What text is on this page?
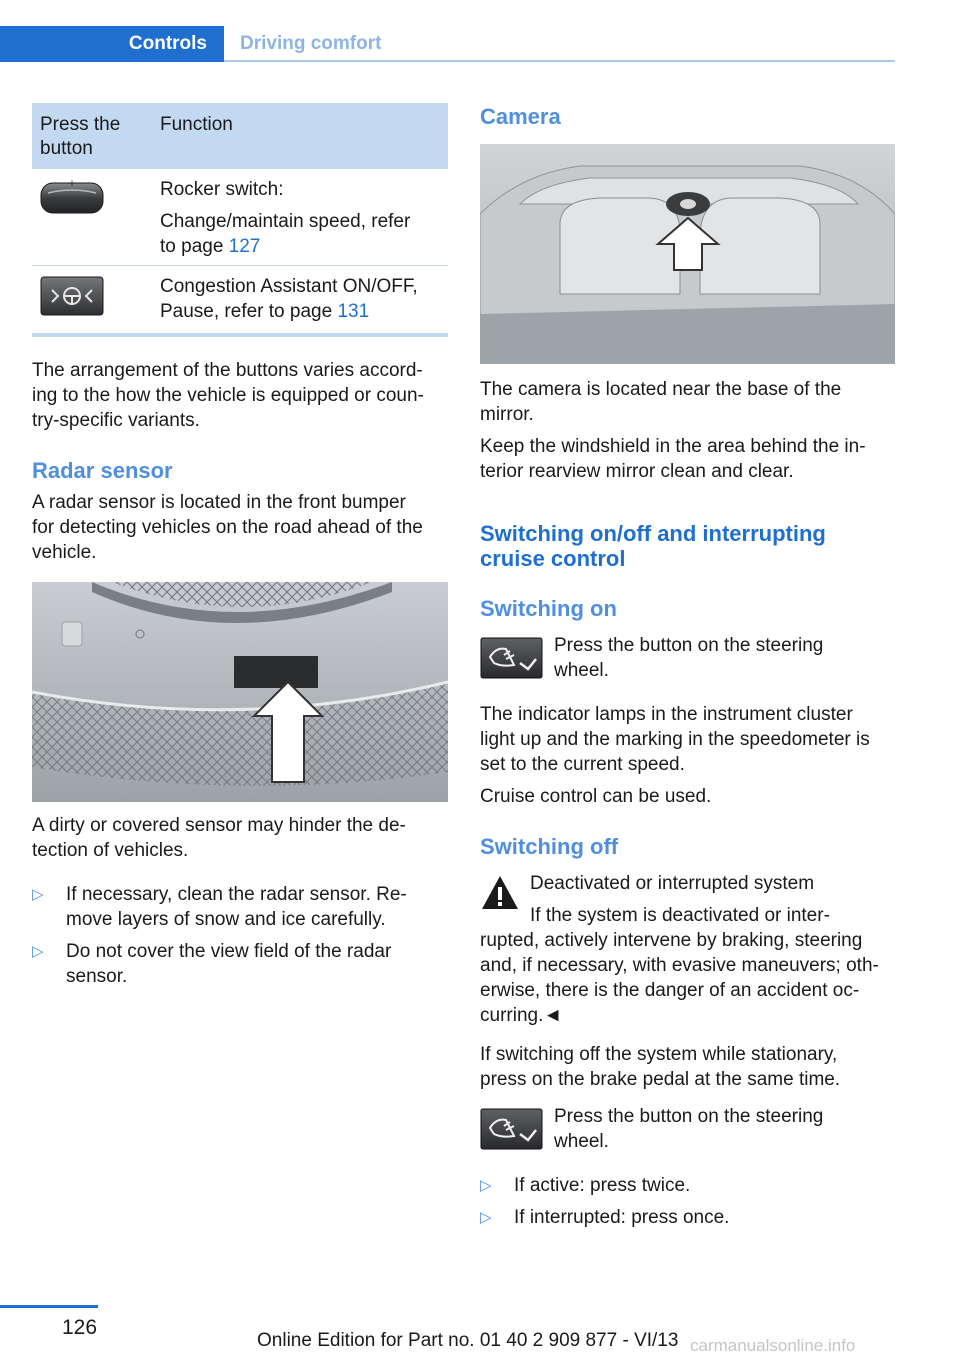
Controls	Driving comfort
Press the button
Function
+	Rocker switch:
Change/maintain speed, refer
to page 127
Congestion Assistant ON/OFF,
Pause, refer to page 131
The arrangement of the buttons varies accord-
ing to the how the vehicle is equipped or coun-
try-specific variants.
Radar sensor
A radar sensor is located in the front bumper
for detecting vehicles on the road ahead of the
vehicle.
A dirty or covered sensor may hinder the de-
tection of vehicles.
▷ If necessary, clean the radar sensor. Re-
move layers of snow and ice carefully.
▷ Do not cover the view field of the radar
sensor.
Camera
The camera is located near the base of the
mirror.
Keep the windshield in the area behind the in-
terior rearview mirror clean and clear.
Switching on/off and interrupting
cruise control
Switching on
Press the button on the steering
wheel.
The indicator lamps in the instrument cluster
light up and the marking in the speedometer is
set to the current speed.
Cruise control can be used.
Switching off
Deactivated or interrupted system
If the system is deactivated or inter-
rupted, actively intervene by braking, steering
and, if necessary, with evasive maneuvers; oth-
erwise, there is the danger of an accident oc-
curring.◄
If switching off the system while stationary,
press on the brake pedal at the same time.
Press the button on the steering
wheel.
▷ If active: press twice.
▷ If interrupted: press once.
126
Online Edition for Part no. 01 40 2 909 877 - VI/13 carmanualsonline.info
